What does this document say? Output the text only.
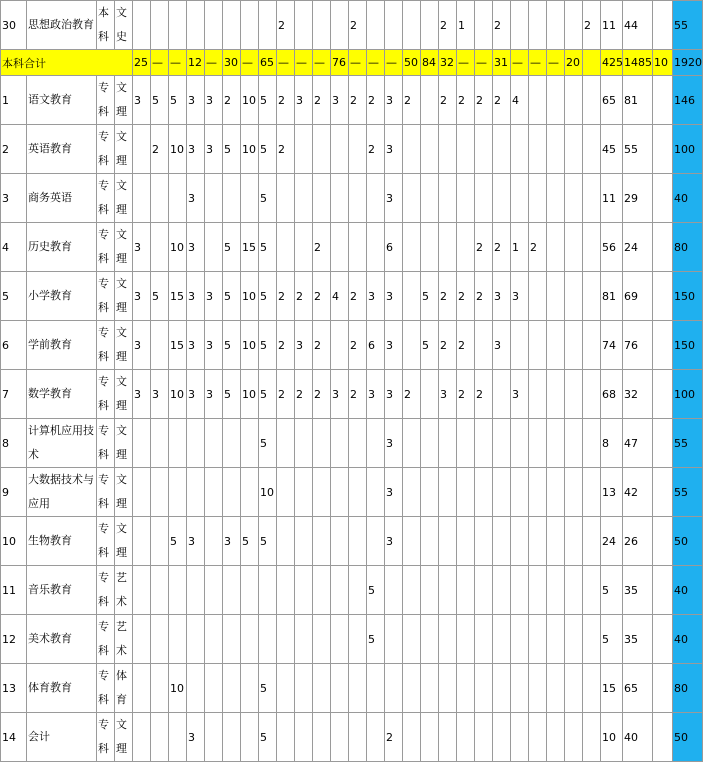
30	思想政治教育	本科	文史									2				2					2	1		2					2	11	44		55
本科合计				25	—	—	12	—	30	—	65	—	—	—	76	—	—	—	50	84	32	—	—	31	—	—	—	20		425	1485	10	1920
1	语文教育	专科	文理	3	5	5	3	3	2	10	5	2	3	2	3	2	2	3	2		2	2	2	2	4					65	81		146
2	英语教育	专科	文理		2	10	3	3	5	10	5	2					2	3												45	55		100
3	商务英语	专科	文理				3				5							3												11	29		40
4	历史教育	专科	文理	3		10	3		5	15	5			2				6					2	2	1	2				56	24		80
5	小学教育	专科	文理	3	5	15	3	3	5	10	5	2	2	2	4	2	3	3		5	2	2	2	3	3					81	69		150
6	学前教育	专科	文理	3		15	3	3	5	10	5	2	3	2		2	6	3		5	2	2		3						74	76		150
7	数学教育	专科	文理	3	3	10	3	3	5	10	5	2	2	2	3	2	3	3	2		3	2	2		3					68	32		100
8	计算机应用技术	专科	文理								5							3												8	47		55
9	大数据技术与应用	专科	文理								10							3												13	42		55
10	生物教育	专科	文理			5	3		3	5	5							3												24	26		50
11	音乐教育	专科	艺术														5													5	35		40
12	美术教育	专科	艺术														5													5	35		40
13	体育教育	专科	体育			10					5																			15	65		80
14	会计	专科	文理				3				5							2												10	40		50
